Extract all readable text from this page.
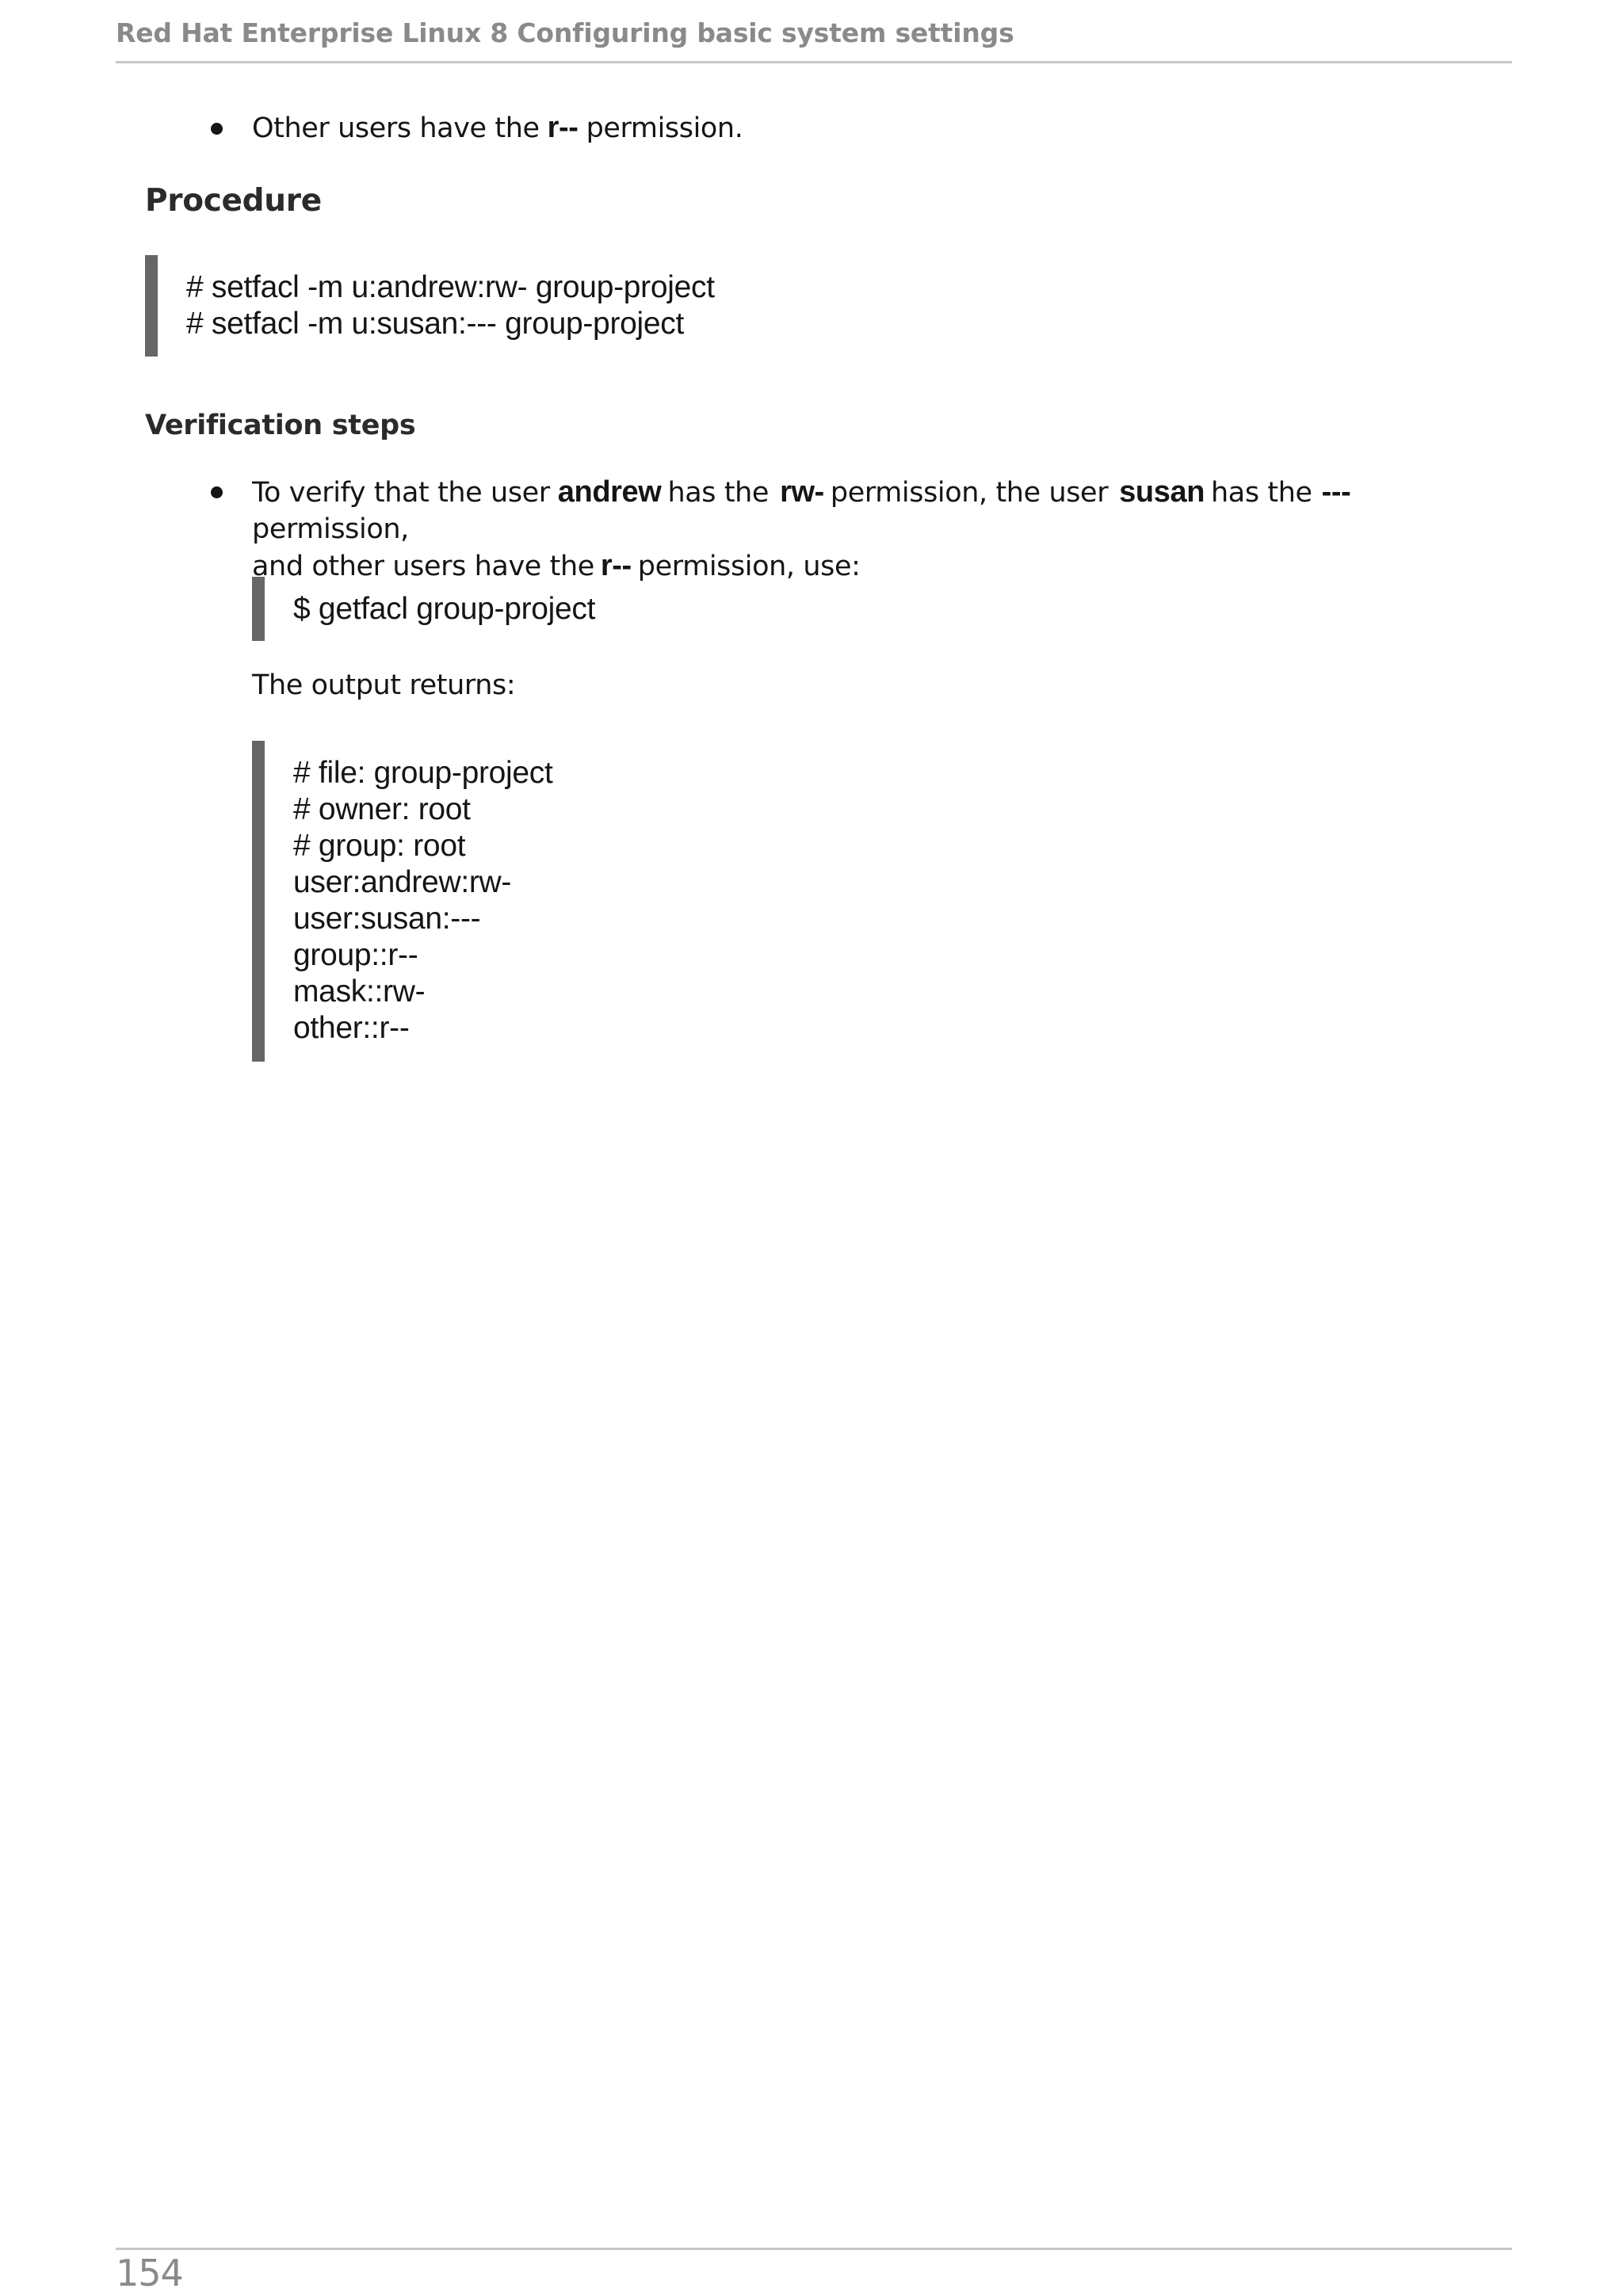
Red Hat Enterprise Linux 8 Configuring basic system settings
Other users have the r-- permission.
Procedure
# setfacl -m u:andrew:rw- group-project
# setfacl -m u:susan:--- group-project
Verification steps
To verify that the user andrew has the rw- permission, the user susan has the ---permission,
and other users have the r-- permission, use:
$ getfacl group-project
The output returns:
# file: group-project
# owner: root
# group: root
user:andrew:rw-
user:susan:---
group::r--
mask::rw-
other::r--
154
